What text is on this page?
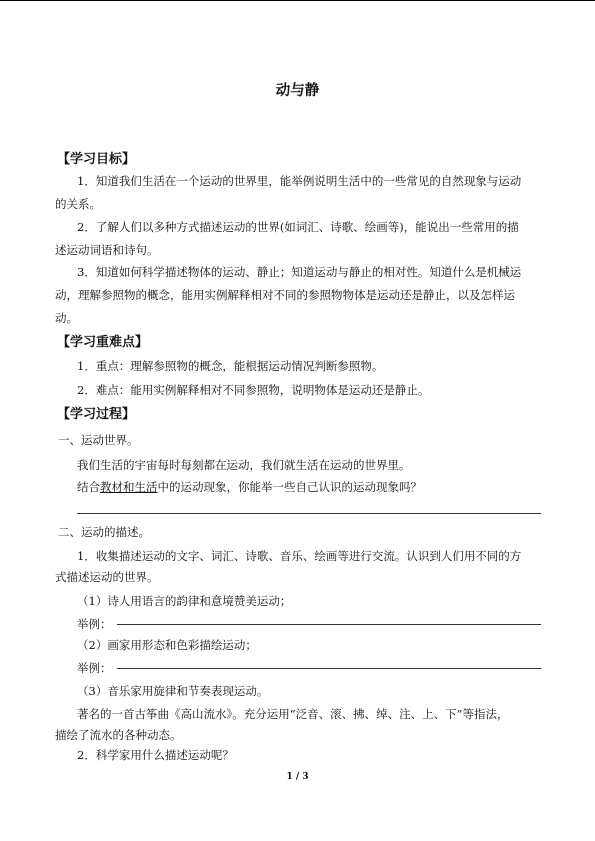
动与静
【学习目标】
1．知道我们生活在一个运动的世界里，能举例说明生活中的一些常见的自然现象与运动
的关系。
2．了解人们以多种方式描述运动的世界(如词汇、诗歌、绘画等)，能说出一些常用的描
述运动词语和诗句。
3．知道如何科学描述物体的运动、静止；知道运动与静止的相对性。知道什么是机械运
动，理解参照物的概念，能用实例解释相对不同的参照物物体是运动还是静止，以及怎样运
动。
【学习重难点】
1．重点：理解参照物的概念，能根据运动情况判断参照物。
2．难点：能用实例解释相对不同参照物，说明物体是运动还是静止。
【学习过程】
一、运动世界。
我们生活的宇宙每时每刻都在运动，我们就生活在运动的世界里。
结合教材和生活中的运动现象，你能举一些自己认识的运动现象吗？
二、运动的描述。
1．收集描述运动的文字、词汇、诗歌、音乐、绘画等进行交流。认识到人们用不同的方
式描述运动的世界。
（1）诗人用语言的韵律和意境赞美运动；
举例：
（2）画家用形态和色彩描绘运动；
举例：
（3）音乐家用旋律和节奏表现运动。
著名的一首古筝曲《高山流水》。充分运用“泛音、滚、拂、绰、注、上、下”等指法，
描绘了流水的各种动态。
2．科学家用什么描述运动呢？
1 / 3
